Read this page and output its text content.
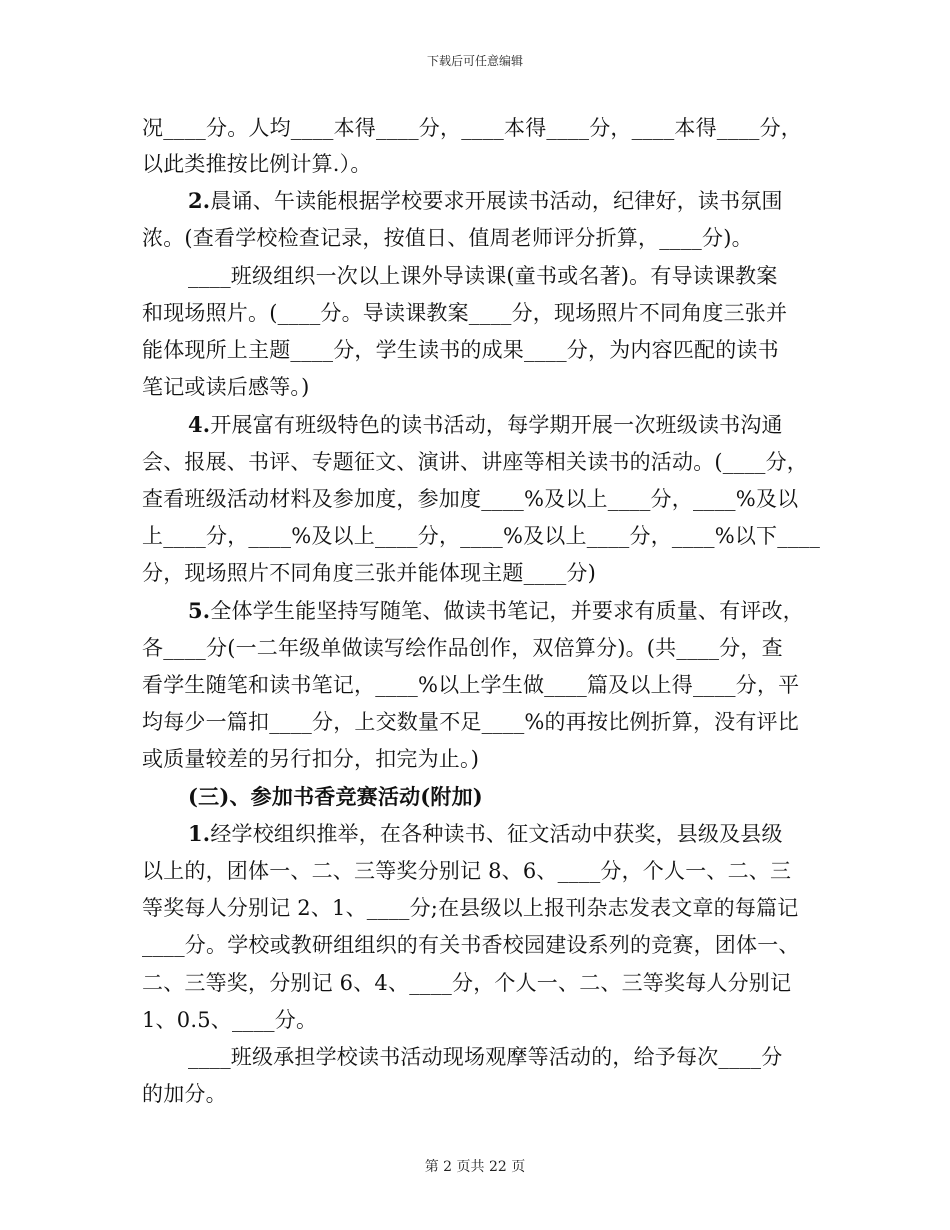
下载后可任意编辑
况____分。人均____本得____分，____本得____分，____本得____分，
以此类推按比例计算.）。
2.晨诵、午读能根据学校要求开展读书活动，纪律好，读书氛围
浓。(查看学校检查记录，按值日、值周老师评分折算，____分)。
____班级组织一次以上课外导读课(童书或名著)。有导读课教案
和现场照片。(____分。导读课教案____分，现场照片不同角度三张并
能体现所上主题____分，学生读书的成果____分，为内容匹配的读书
笔记或读后感等。)
4.开展富有班级特色的读书活动，每学期开展一次班级读书沟通
会、报展、书评、专题征文、演讲、讲座等相关读书的活动。(____分，
查看班级活动材料及参加度，参加度____%及以上____分，____%及以
上____分，____%及以上____分，____%及以上____分，____%以下____
分，现场照片不同角度三张并能体现主题____分)
5.全体学生能坚持写随笔、做读书笔记，并要求有质量、有评改，
各____分(一二年级单做读写绘作品创作，双倍算分)。(共____分，查
看学生随笔和读书笔记，____%以上学生做____篇及以上得____分，平
均每少一篇扣____分，上交数量不足____%的再按比例折算，没有评比
或质量较差的另行扣分，扣完为止。)
(三)、参加书香竞赛活动(附加)
1.经学校组织推举，在各种读书、征文活动中获奖，县级及县级
以上的，团体一、二、三等奖分别记 8、6、____分，个人一、二、三
等奖每人分别记 2、1、____分;在县级以上报刊杂志发表文章的每篇记
____分。学校或教研组组织的有关书香校园建设系列的竞赛，团体一、
二、三等奖，分别记 6、4、____分，个人一、二、三等奖每人分别记
1、0.5、____分。
____班级承担学校读书活动现场观摩等活动的，给予每次____分
的加分。
第 2 页共 22 页
